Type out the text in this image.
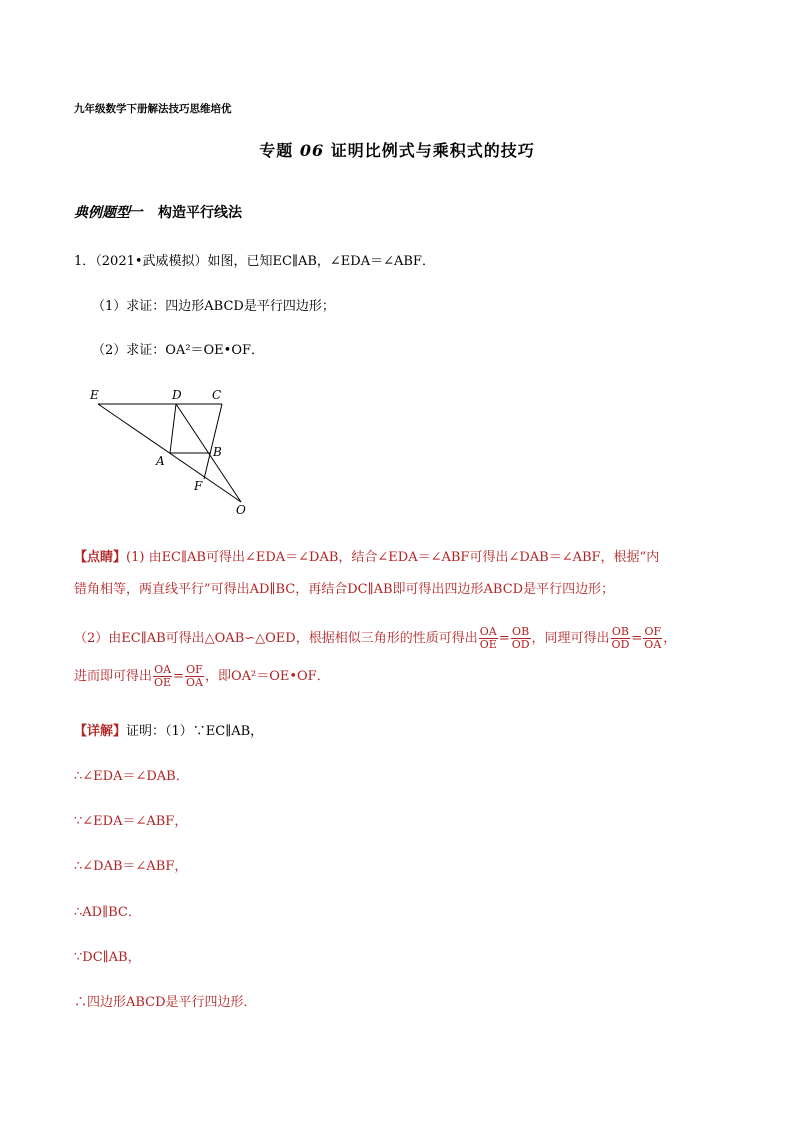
九年级数学下册解法技巧思维培优
专题 06 证明比例式与乘积式的技巧
典例题型 一 构造平行线法
1．（2021•武威模拟）如图，已知EC∥AB，∠EDA＝∠ABF．
（1）求证：四边形ABCD是平行四边形；
（2）求证：OA²＝OE•OF．
E	D	C
A
B
F
O
【点睛】(1) 由EC∥AB可得出∠EDA＝∠DAB，结合∠EDA＝∠ABF可得出∠DAB＝∠ABF，根据“内
错角相等，两直线平行”可得出AD∥BC，再结合DC∥AB即可得出四边形ABCD是平行四边形；
（2）由EC∥AB可得出△OAB∽△OED，根据相似三角形的性质可得出 $\frac{OA}{OE} = \frac{OB}{OD}$ ，同理可得出 $\frac{OB}{OD} = \frac{OF}{OA}$ ，
进而即可得出 $\frac{OA}{OE} = \frac{OF}{OA}$ ，即OA²＝OE•OF．
【详解】证明：（1）∵EC∥AB，
∴∠EDA＝∠DAB．
∵∠EDA＝∠ABF，
∴∠DAB＝∠ABF，
∴AD∥BC．
∵DC∥AB，
∴四边形ABCD是平行四边形．
